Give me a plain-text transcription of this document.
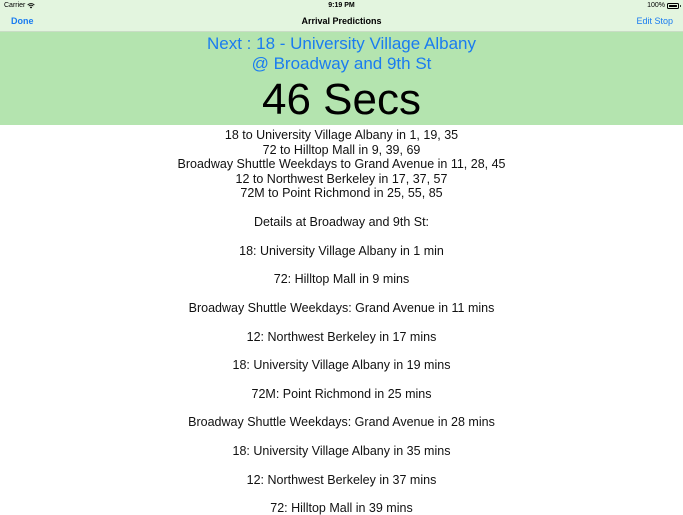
Carrier	9:19 PM	100%
Done	Arrival Predictions	Edit Stop
Next : 18 - University Village Albany
@ Broadway and 9th St
46 Secs
18 to University Village Albany in 1, 19, 35
72 to Hilltop Mall in 9, 39, 69
Broadway Shuttle Weekdays to Grand Avenue in 11, 28, 45
12 to Northwest Berkeley in 17, 37, 57
72M to Point Richmond in 25, 55, 85
Details at Broadway and 9th St:
18: University Village Albany in 1 min
72: Hilltop Mall in 9 mins
Broadway Shuttle Weekdays: Grand Avenue in 11 mins
12: Northwest Berkeley in 17 mins
18: University Village Albany in 19 mins
72M: Point Richmond in 25 mins
Broadway Shuttle Weekdays: Grand Avenue in 28 mins
18: University Village Albany in 35 mins
12: Northwest Berkeley in 37 mins
72: Hilltop Mall in 39 mins
